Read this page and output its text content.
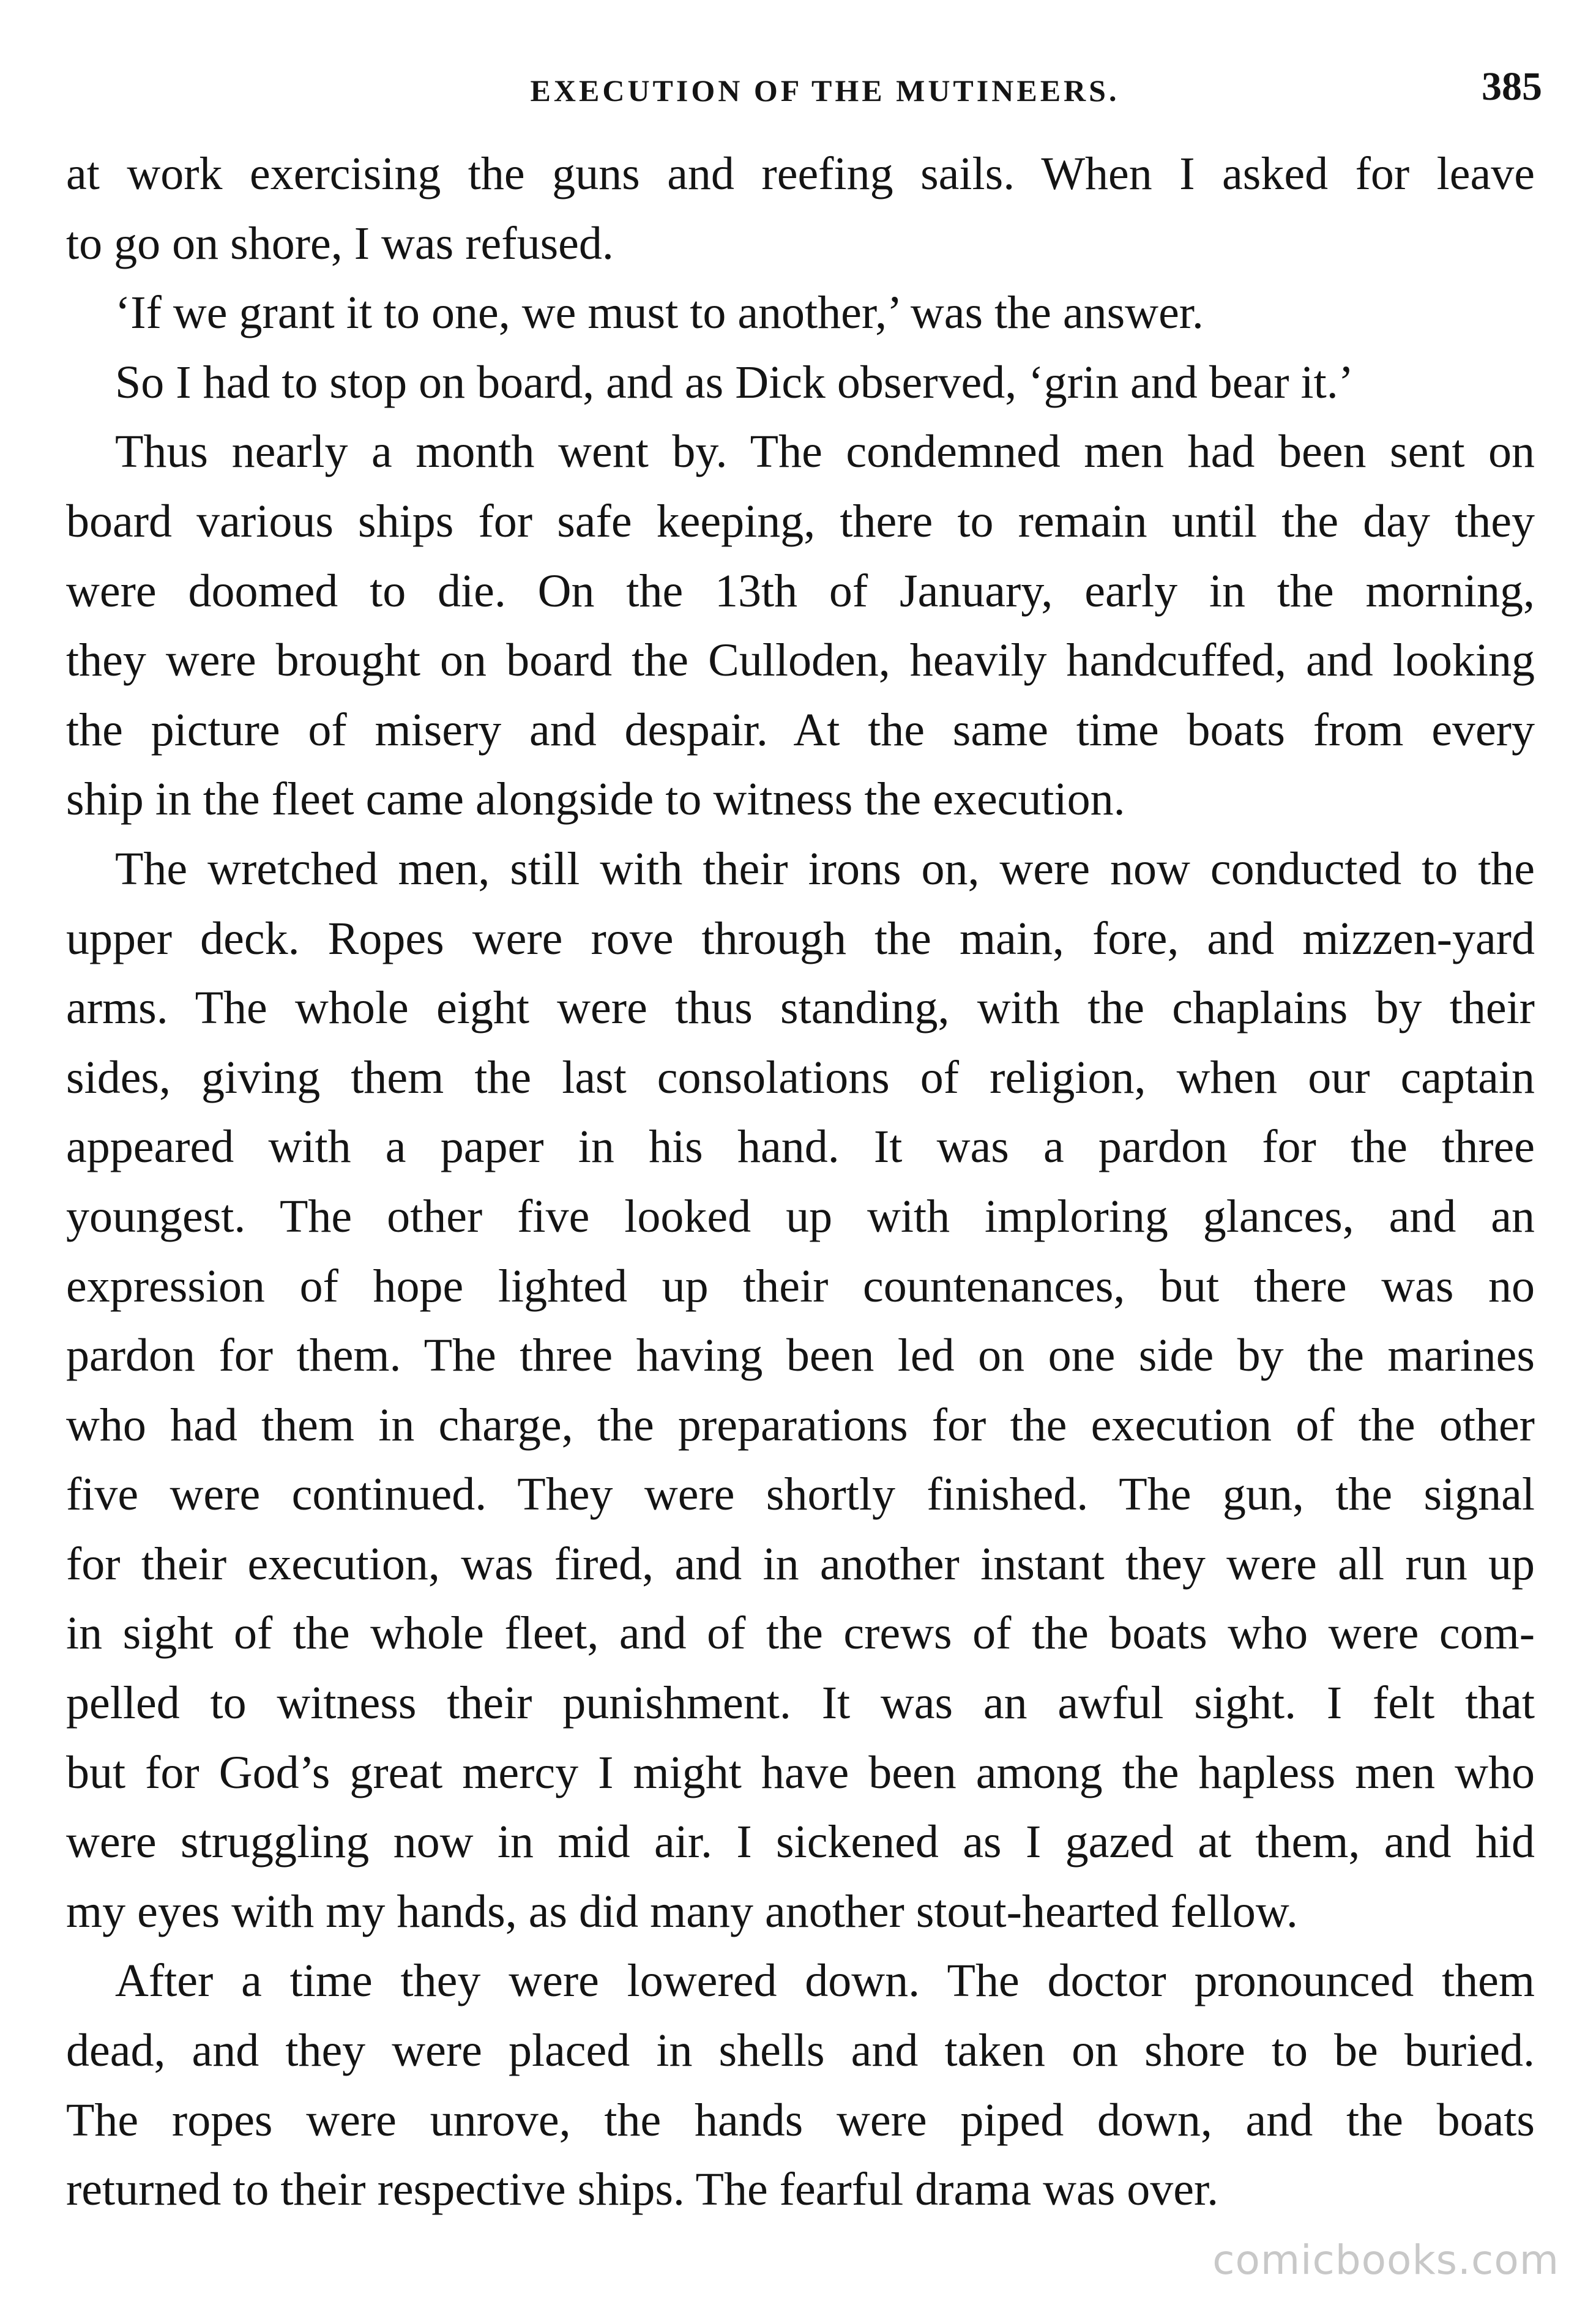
EXECUTION OF THE MUTINEERS.	385
at work exercising the guns and reefing sails. When I asked for leave
to go on shore, I was refused.
‘If we grant it to one, we must to another,’ was the answer.
So I had to stop on board, and as Dick observed, ‘grin and bear it.’
Thus nearly a month went by. The condemned men had been sent on
board various ships for safe keeping, there to remain until the day they
were doomed to die. On the 13th of January, early in the morning,
they were brought on board the Culloden, heavily handcuffed, and looking
the picture of misery and despair. At the same time boats from every
ship in the fleet came alongside to witness the execution.
The wretched men, still with their irons on, were now conducted to the
upper deck. Ropes were rove through the main, fore, and mizzen-yard
arms. The whole eight were thus standing, with the chaplains by their
sides, giving them the last consolations of religion, when our captain
appeared with a paper in his hand. It was a pardon for the three
youngest. The other five looked up with imploring glances, and an
expression of hope lighted up their countenances, but there was no
pardon for them. The three having been led on one side by the marines
who had them in charge, the preparations for the execution of the other
five were continued. They were shortly finished. The gun, the signal
for their execution, was fired, and in another instant they were all run up
in sight of the whole fleet, and of the crews of the boats who were com-
pelled to witness their punishment. It was an awful sight. I felt that
but for God’s great mercy I might have been among the hapless men who
were struggling now in mid air. I sickened as I gazed at them, and hid
my eyes with my hands, as did many another stout-hearted fellow.
After a time they were lowered down. The doctor pronounced them
dead, and they were placed in shells and taken on shore to be buried.
The ropes were unrove, the hands were piped down, and the boats
returned to their respective ships. The fearful drama was over.
comicbooks.com
